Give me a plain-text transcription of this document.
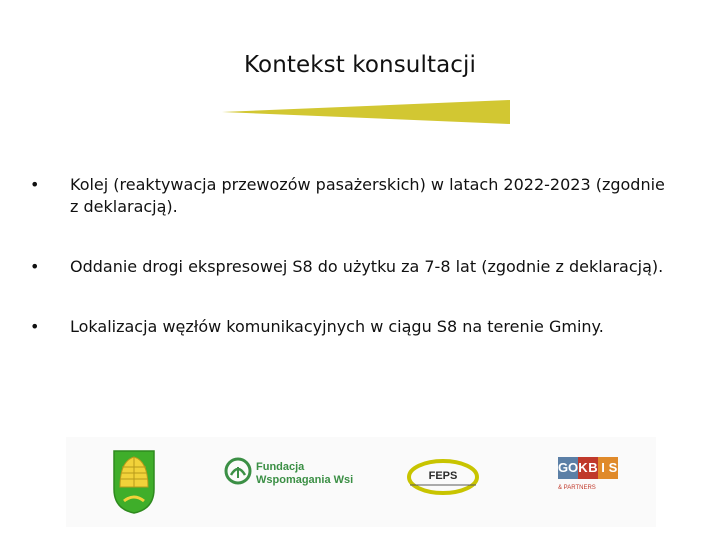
Kontekst konsultacji
•	Kolej (reaktywacja przewozów pasażerskich) w latach 2022-2023 (zgodnie z deklaracją).
•	Oddanie drogi ekspresowej S8 do użytku za 7-8 lat (zgodnie z deklaracją).
•	Lokalizacja węzłów komunikacyjnych w ciągu S8 na terenie Gminy.
Fundacja
Wspomagania Wsi	FEPS
G O K B I S
& PARTNERS
